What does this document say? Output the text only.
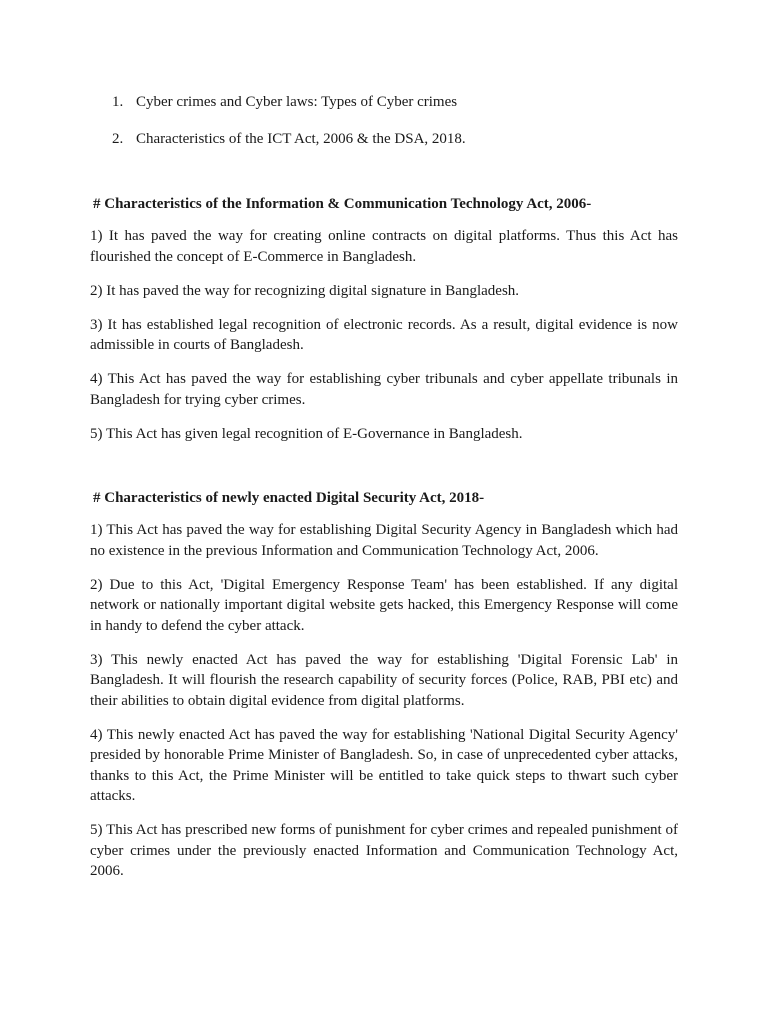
1. Cyber crimes and Cyber laws: Types of Cyber crimes
2. Characteristics of the ICT Act, 2006 & the DSA, 2018.
# Characteristics of the Information & Communication Technology Act, 2006-

1) It has paved the way for creating online contracts on digital platforms. Thus this Act has flourished the concept of E-Commerce in Bangladesh.

2) It has paved the way for recognizing digital signature in Bangladesh.

3) It has established legal recognition of electronic records. As a result, digital evidence is now admissible in courts of Bangladesh.

4) This Act has paved the way for establishing cyber tribunals and cyber appellate tribunals in Bangladesh for trying cyber crimes.

5) This Act has given legal recognition of E-Governance in Bangladesh.

# Characteristics of newly enacted Digital Security Act, 2018-

1) This Act has paved the way for establishing Digital Security Agency in Bangladesh which had no existence in the previous Information and Communication Technology Act, 2006.

2) Due to this Act, 'Digital Emergency Response Team' has been established. If any digital network or nationally important digital website gets hacked, this Emergency Response will come in handy to defend the cyber attack.

3) This newly enacted Act has paved the way for establishing 'Digital Forensic Lab' in Bangladesh. It will flourish the research capability of security forces (Police, RAB, PBI etc) and their abilities to obtain digital evidence from digital platforms.

4) This newly enacted Act has paved the way for establishing 'National Digital Security Agency' presided by honorable Prime Minister of Bangladesh. So, in case of unprecedented cyber attacks, thanks to this Act, the Prime Minister will be entitled to take quick steps to thwart such cyber attacks.

5) This Act has prescribed new forms of punishment for cyber crimes and repealed punishment of cyber crimes under the previously enacted Information and Communication Technology Act, 2006.
